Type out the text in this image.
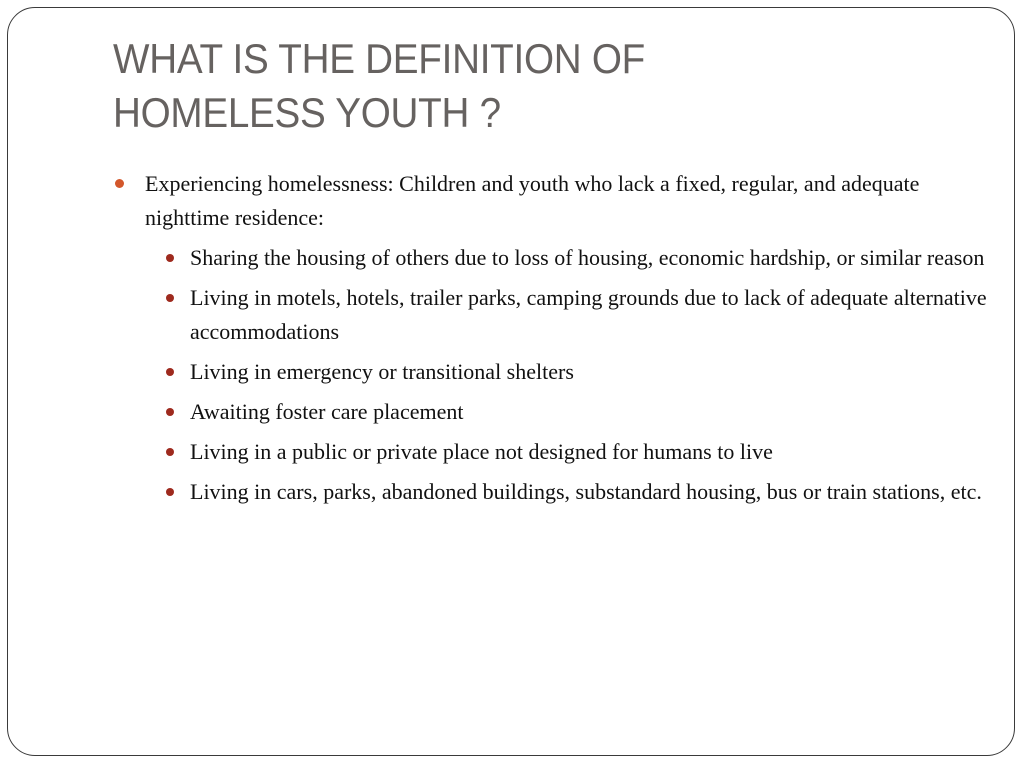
WHAT IS THE DEFINITION OF
HOMELESS YOUTH ?
Experiencing homelessness: Children and youth who lack a fixed, regular, and adequate nighttime residence:
Sharing the housing of others due to loss of housing, economic hardship, or similar reason
Living in motels, hotels, trailer parks, camping grounds due to lack of adequate alternative accommodations
Living in emergency or transitional shelters
Awaiting foster care placement
Living in a public or private place not designed for humans to live
Living in cars, parks, abandoned buildings, substandard housing, bus or train stations, etc.
